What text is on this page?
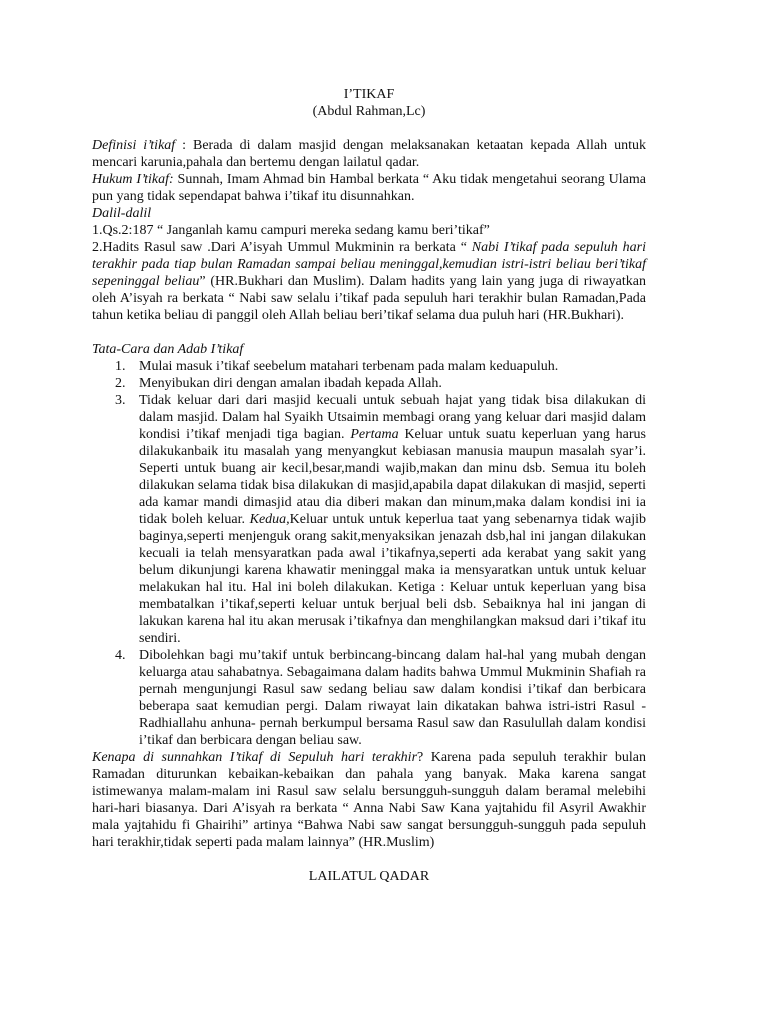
I’TIKAF

(Abdul Rahman,Lc)

Definisi i’tikaf : Berada di dalam masjid dengan melaksanakan ketaatan kepada Allah untuk mencari karunia,pahala dan bertemu dengan lailatul qadar.

Hukum I’tikaf: Sunnah, Imam Ahmad bin Hambal berkata “ Aku tidak mengetahui seorang Ulama pun yang tidak sependapat bahwa i’tikaf itu disunnahkan.

Dalil-dalil

1.Qs.2:187 “ Janganlah kamu campuri mereka sedang kamu beri’tikaf”

2.Hadits Rasul saw .Dari A’isyah Ummul Mukminin ra berkata “ Nabi I’tikaf pada sepuluh hari terakhir pada tiap bulan Ramadan sampai beliau meninggal,kemudian istri-istri beliau beri’tikaf sepeninggal beliau” (HR.Bukhari dan Muslim). Dalam hadits yang lain yang juga di riwayatkan oleh A’isyah ra berkata “ Nabi saw selalu i’tikaf pada sepuluh hari terakhir bulan Ramadan,Pada tahun ketika beliau di panggil oleh Allah beliau beri’tikaf selama dua puluh hari (HR.Bukhari).

Tata-Cara dan Adab I’tikaf

1. Mulai masuk i’tikaf seebelum matahari terbenam pada malam keduapuluh.
2. Menyibukan diri dengan amalan ibadah kepada Allah.
3. Tidak keluar dari dari masjid kecuali untuk sebuah hajat yang tidak bisa dilakukan di dalam masjid. Dalam hal Syaikh Utsaimin membagi orang yang keluar dari masjid dalam kondisi i’tikaf menjadi tiga bagian. Pertama Keluar untuk suatu keperluan yang harus dilakukanbaik itu masalah yang menyangkut kebiasan manusia maupun masalah syar’i. Seperti untuk buang air kecil,besar,mandi wajib,makan dan minu dsb. Semua itu boleh dilakukan selama tidak bisa dilakukan di masjid,apabila dapat dilakukan di masjid, seperti ada kamar mandi dimasjid atau dia diberi makan dan minum,maka dalam kondisi ini ia tidak boleh keluar. Kedua,Keluar untuk untuk keperlua taat yang sebenarnya tidak wajib baginya,seperti menjenguk orang sakit,menyaksikan jenazah dsb,hal ini jangan dilakukan kecuali ia telah mensyaratkan pada awal i’tikafnya,seperti ada kerabat yang sakit yang belum dikunjungi karena khawatir meninggal maka ia mensyaratkan untuk untuk keluar melakukan hal itu. Hal ini boleh dilakukan. Ketiga : Keluar untuk keperluan yang bisa membatalkan i’tikaf,seperti keluar untuk berjual beli dsb. Sebaiknya hal ini jangan di lakukan karena hal itu akan merusak i’tikafnya dan menghilangkan maksud dari i’tikaf itu sendiri.
4. Dibolehkan bagi mu’takif untuk berbincang-bincang dalam hal-hal yang mubah dengan keluarga atau sahabatnya. Sebagaimana dalam hadits bahwa Ummul Mukminin Shafiah ra pernah mengunjungi Rasul saw sedang beliau saw dalam kondisi i’tikaf dan berbicara beberapa saat kemudian pergi. Dalam riwayat lain dikatakan bahwa istri-istri Rasul -Radhiallahu anhuna- pernah berkumpul bersama Rasul saw dan Rasulullah dalam kondisi i’tikaf dan berbicara dengan beliau saw.

Kenapa di sunnahkan I’tikaf di Sepuluh hari terakhir? Karena pada sepuluh terakhir bulan Ramadan diturunkan kebaikan-kebaikan dan pahala yang banyak. Maka karena sangat istimewanya malam-malam ini Rasul saw selalu bersungguh-sungguh dalam beramal melebihi hari-hari biasanya. Dari A’isyah ra berkata “ Anna Nabi Saw Kana yajtahidu fil Asyril Awakhir mala yajtahidu fi Ghairihi” artinya “Bahwa Nabi saw sangat bersungguh-sungguh pada sepuluh hari terakhir,tidak seperti pada malam lainnya” (HR.Muslim)

LAILATUL QADAR
